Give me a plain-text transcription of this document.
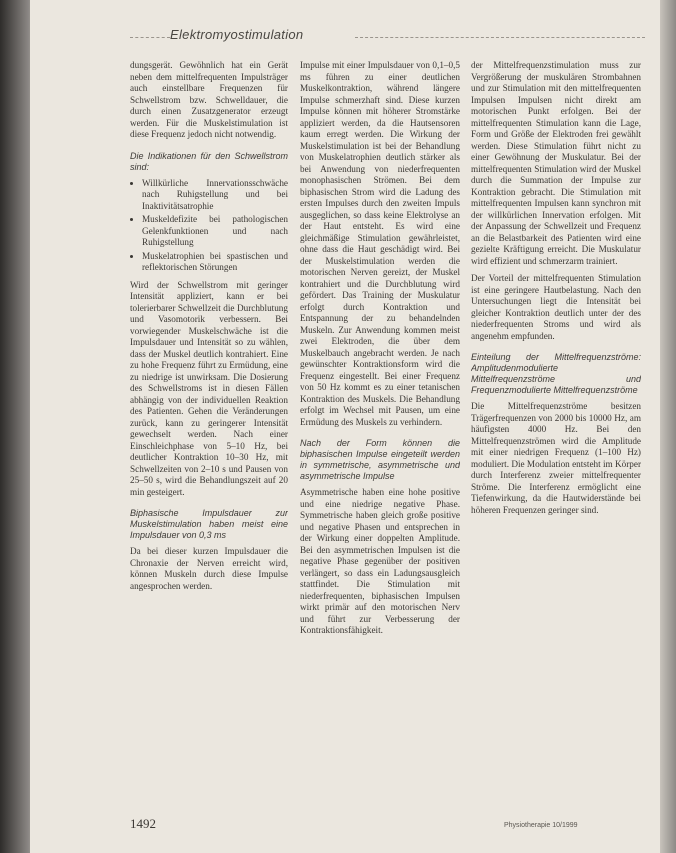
Elektromyostimulation

dungsgerät. Gewöhnlich hat ein Gerät neben dem mittelfrequenten Impulsträger auch einstellbare Frequenzen für Schwellstrom bzw. Schwelldauer, die durch einen Zusatzgenerator erzeugt werden. Für die Muskelstimulation ist diese Frequenz jedoch nicht notwendig.

Die Indikationen für den Schwellstrom sind:
• Willkürliche Innervationsschwäche nach Ruhigstellung und bei Inaktivitätsatrophie
• Muskeldefizite bei pathologischen Gelenkfunktionen und nach Ruhigstellung
• Muskelatrophien bei spastischen und reflektorischen Störungen

Wird der Schwellstrom mit geringer Intensität appliziert, kann er bei tolerierbarer Schwellzeit die Durchblutung und Vasomotorik verbessern. Bei vorwiegender Muskelschwäche ist die Impulsdauer und Intensität so zu wählen, dass der Muskel deutlich kontrahiert. Eine zu hohe Frequenz führt zu Ermüdung, eine zu niedrige ist unwirksam. Die Dosierung des Schwellstroms ist in diesen Fällen abhängig von der individuellen Reaktion des Patienten. Gehen die Veränderungen zurück, kann zu geringerer Intensität gewechselt werden. Nach einer Einschleichphase von 5–10 Hz, bei deutlicher Kontraktion 10–30 Hz, mit Schwellzeiten von 2–10 s und Pausen von 25–50 s, wird die Behandlungszeit auf 20 min gesteigert.

Biphasische Impulsdauer zur Muskelstimulation haben meist eine Impulsdauer von 0,3 ms

Da bei dieser kurzen Impulsdauer die Chronaxie der Nerven erreicht wird, können Muskeln durch diese Impulse angesprochen werden.

Impulse mit einer Impulsdauer von 0,1–0,5 ms führen zu einer deutlichen Muskelkontraktion, während längere Impulse schmerzhaft sind. Diese kurzen Impulse können mit höherer Stromstärke appliziert werden, da die Hautsensoren kaum erregt werden. Die Wirkung der Muskelstimulation ist bei der Behandlung von Muskelatrophien deutlich stärker als bei Anwendung von niederfrequenten monophasischen Strömen. Bei dem biphasischen Strom wird die Ladung des ersten Impulses durch den zweiten Impuls ausgeglichen, so dass keine Elektrolyse an der Haut entsteht. Es wird eine gleichmäßige Stimulation gewährleistet, ohne dass die Haut geschädigt wird. Bei der Muskelstimulation werden die motorischen Nerven gereizt, der Muskel kontrahiert und die Durchblutung wird gefördert. Das Training der Muskulatur erfolgt durch Kontraktion und Entspannung der zu behandelnden Muskeln. Zur Anwendung kommen meist zwei Elektroden, die über dem Muskelbauch angebracht werden. Je nach gewünschter Kontraktionsform wird die Frequenz eingestellt. Bei einer Frequenz von 50 Hz kommt es zu einer tetanischen Kontraktion des Muskels. Die Behandlung erfolgt im Wechsel mit Pausen, um eine Ermüdung des Muskels zu verhindern.

Nach der Form können die biphasischen Impulse eingeteilt werden in symmetrische, asymmetrische und asymmetrische Impulse

Asymmetrische haben eine hohe positive und eine niedrige negative Phase. Symmetrische haben gleich große positive und negative Phasen und entsprechen in der Wirkung einer doppelten Amplitude. Bei den asymmetrischen Impulsen ist die negative Phase gegenüber der positiven verlängert, so dass ein Ladungsausgleich stattfindet. Die Stimulation mit niederfrequenten, biphasischen Impulsen wirkt primär auf den motorischen Nerv und führt zur Verbesserung der Kontraktionsfähigkeit.

der Mittelfrequenzstimulation muss zur Vergrößerung der muskulären Strombahnen und zur Stimulation mit den mittelfrequenten Impulsen Impulsen nicht direkt am motorischen Punkt erfolgen. Bei der mittelfrequenten Stimulation kann die Lage, Form und Größe der Elektroden frei gewählt werden. Diese Stimulation führt nicht zu einer Gewöhnung der Muskulatur. Bei der mittelfrequenten Stimulation wird der Muskel durch die Summation der Impulse zur Kontraktion gebracht. Die Stimulation mit mittelfrequenten Impulsen kann synchron mit der willkürlichen Innervation erfolgen. Mit der Anpassung der Schwellzeit und Frequenz an die Belastbarkeit des Patienten wird eine gezielte Kräftigung erreicht. Die Muskulatur wird effizient und schmerzarm trainiert.

Der Vorteil der mittelfrequenten Stimulation ist eine geringere Hautbelastung. Nach den Untersuchungen liegt die Intensität bei gleicher Kontraktion deutlich unter der des niederfrequenten Stroms und wird als angenehm empfunden.

Einteilung der Mittelfrequenzströme: Amplitudenmodulierte Mittelfrequenzströme und Frequenzmodulierte Mittelfrequenzströme

Die Mittelfrequenzströme besitzen Trägerfrequenzen von 2000 bis 10000 Hz, am häufigsten 4000 Hz. Bei den Mittelfrequenzströmen wird die Amplitude mit einer niedrigen Frequenz (1–100 Hz) moduliert. Die Modulation entsteht im Körper durch Interferenz zweier mittelfrequenter Ströme. Die Interferenz ermöglicht eine Tiefenwirkung, da die Hautwiderstände bei höheren Frequenzen geringer sind.

1492	Physiotherapie 10/1999
